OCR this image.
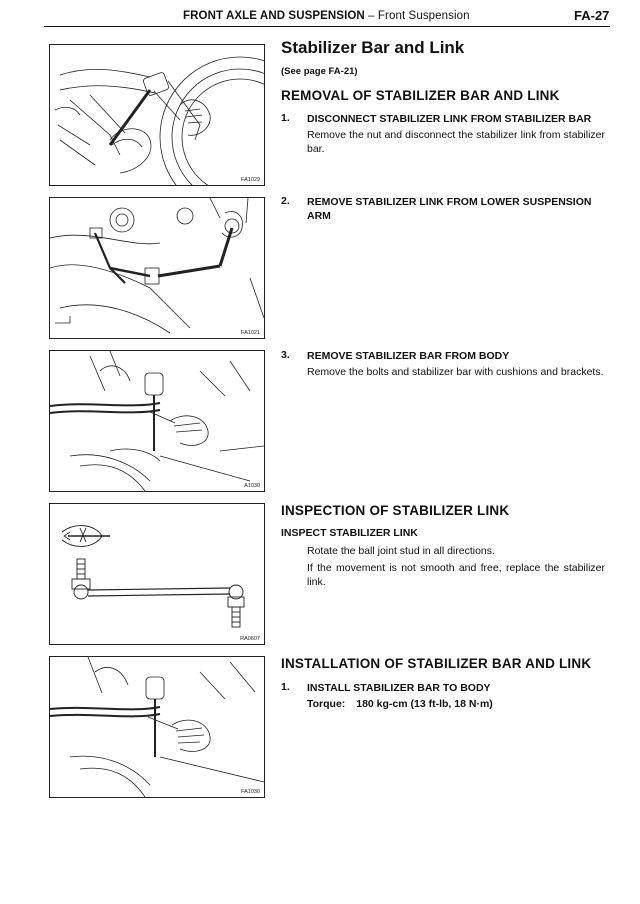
FRONT AXLE AND SUSPENSION – Front Suspension	FA-27
FA1029
FA1021
A1030
RA0607
FA1030
Stabilizer Bar and Link
(See page FA-21)
REMOVAL OF STABILIZER BAR AND LINK
1. DISCONNECT STABILIZER LINK FROM STABILIZER BAR
Remove the nut and disconnect the stabilizer link from stabilizer bar.
2. REMOVE STABILIZER LINK FROM LOWER SUSPENSION ARM
3. REMOVE STABILIZER BAR FROM BODY
Remove the bolts and stabilizer bar with cushions and brackets.
INSPECTION OF STABILIZER LINK
INSPECT STABILIZER LINK
Rotate the ball joint stud in all directions.
If the movement is not smooth and free, replace the stabilizer link.
INSTALLATION OF STABILIZER BAR AND LINK
1. INSTALL STABILIZER BAR TO BODY
Torque: 180 kg-cm (13 ft-lb, 18 N·m)
